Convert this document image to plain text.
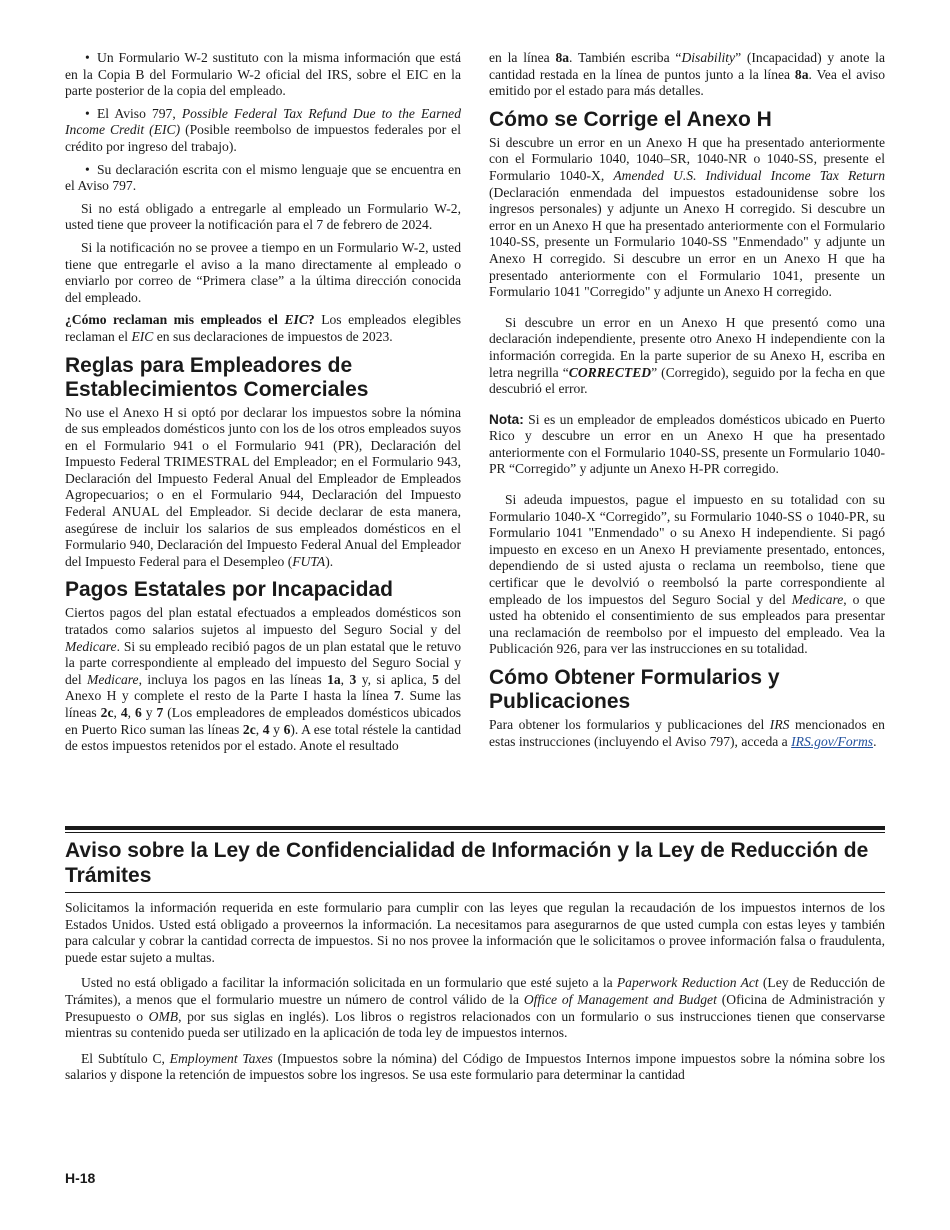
• Un Formulario W-2 sustituto con la misma información que está en la Copia B del Formulario W-2 oficial del IRS, sobre el EIC en la parte posterior de la copia del empleado.

• El Aviso 797, Possible Federal Tax Refund Due to the Earned Income Credit (EIC) (Posible reembolso de impuestos federales por el crédito por ingreso del trabajo).

• Su declaración escrita con el mismo lenguaje que se encuentra en el Aviso 797.

Si no está obligado a entregarle al empleado un Formulario W-2, usted tiene que proveer la notificación para el 7 de febrero de 2024.

Si la notificación no se provee a tiempo en un Formulario W-2, usted tiene que entregarle el aviso a la mano directamente al empleado o enviarlo por correo de “Primera clase” a la última dirección conocida del empleado.

¿Cómo reclaman mis empleados el EIC? Los empleados elegibles reclaman el EIC en sus declaraciones de impuestos de 2023.

Reglas para Empleadores de Establecimientos Comerciales

No use el Anexo H si optó por declarar los impuestos sobre la nómina de sus empleados domésticos junto con los de los otros empleados suyos en el Formulario 941 o el Formulario 941 (PR), Declaración del Impuesto Federal TRIMESTRAL del Empleador; en el Formulario 943, Declaración del Impuesto Federal Anual del Empleador de Empleados Agropecuarios; o en el Formulario 944, Declaración del Impuesto Federal ANUAL del Empleador. Si decide declarar de esta manera, asegúrese de incluir los salarios de sus empleados domésticos en el Formulario 940, Declaración del Impuesto Federal Anual del Empleador del Impuesto Federal para el Desempleo (FUTA).

Pagos Estatales por Incapacidad

Ciertos pagos del plan estatal efectuados a empleados domésticos son tratados como salarios sujetos al impuesto del Seguro Social y del Medicare. Si su empleado recibió pagos de un plan estatal que le retuvo la parte correspondiente al empleado del impuesto del Seguro Social y del Medicare, incluya los pagos en las líneas 1a, 3 y, si aplica, 5 del Anexo H y complete el resto de la Parte I hasta la línea 7. Sume las líneas 2c, 4, 6 y 7 (Los empleadores de empleados domésticos ubicados en Puerto Rico suman las líneas 2c, 4 y 6). A ese total réstele la cantidad de estos impuestos retenidos por el estado. Anote el resultado

en la línea 8a. También escriba “Disability” (Incapacidad) y anote la cantidad restada en la línea de puntos junto a la línea 8a. Vea el aviso emitido por el estado para más detalles.

Cómo se Corrige el Anexo H

Si descubre un error en un Anexo H que ha presentado anteriormente con el Formulario 1040, 1040–SR, 1040-NR o 1040-SS, presente el Formulario 1040-X, Amended U.S. Individual Income Tax Return (Declaración enmendada del impuestos estadounidense sobre los ingresos personales) y adjunte un Anexo H corregido. Si descubre un error en un Anexo H que ha presentado anteriormente con el Formulario 1040-SS, presente un Formulario 1040-SS "Enmendado" y adjunte un Anexo H corregido. Si descubre un error en un Anexo H que ha presentado anteriormente con el Formulario 1041, presente un Formulario 1041 "Corregido" y adjunte un Anexo H corregido.

Si descubre un error en un Anexo H que presentó como una declaración independiente, presente otro Anexo H independiente con la información corregida. En la parte superior de su Anexo H, escriba en letra negrilla “CORRECTED” (Corregido), seguido por la fecha en que descubrió el error.

Nota: Si es un empleador de empleados domésticos ubicado en Puerto Rico y descubre un error en un Anexo H que ha presentado anteriormente con el Formulario 1040-SS, presente un Formulario 1040-PR “Corregido” y adjunte un Anexo H-PR corregido.

Si adeuda impuestos, pague el impuesto en su totalidad con su Formulario 1040-X “Corregido”, su Formulario 1040-SS o 1040-PR, su Formulario 1041 "Enmendado" o su Anexo H independiente. Si pagó impuesto en exceso en un Anexo H previamente presentado, entonces, dependiendo de si usted ajusta o reclama un reembolso, tiene que certificar que le devolvió o reembolsó la parte correspondiente al empleado de los impuestos del Seguro Social y del Medicare, o que usted ha obtenido el consentimiento de sus empleados para presentar una reclamación de reembolso por el impuesto del empleado. Vea la Publicación 926, para ver las instrucciones en su totalidad.

Cómo Obtener Formularios y Publicaciones

Para obtener los formularios y publicaciones del IRS mencionados en estas instrucciones (incluyendo el Aviso 797), acceda a IRS.gov/Forms.

Aviso sobre la Ley de Confidencialidad de Información y la Ley de Reducción de Trámites

Solicitamos la información requerida en este formulario para cumplir con las leyes que regulan la recaudación de los impuestos internos de los Estados Unidos. Usted está obligado a proveernos la información. La necesitamos para asegurarnos de que usted cumpla con estas leyes y también para calcular y cobrar la cantidad correcta de impuestos. Si no nos provee la información que le solicitamos o provee información falsa o fraudulenta, puede estar sujeto a multas.

Usted no está obligado a facilitar la información solicitada en un formulario que esté sujeto a la Paperwork Reduction Act (Ley de Reducción de Trámites), a menos que el formulario muestre un número de control válido de la Office of Management and Budget (Oficina de Administración y Presupuesto o OMB, por sus siglas en inglés). Los libros o registros relacionados con un formulario o sus instrucciones tienen que conservarse mientras su contenido pueda ser utilizado en la aplicación de toda ley de impuestos internos.

El Subtítulo C, Employment Taxes (Impuestos sobre la nómina) del Código de Impuestos Internos impone impuestos sobre la nómina sobre los salarios y dispone la retención de impuestos sobre los ingresos. Se usa este formulario para determinar la cantidad

H-18
